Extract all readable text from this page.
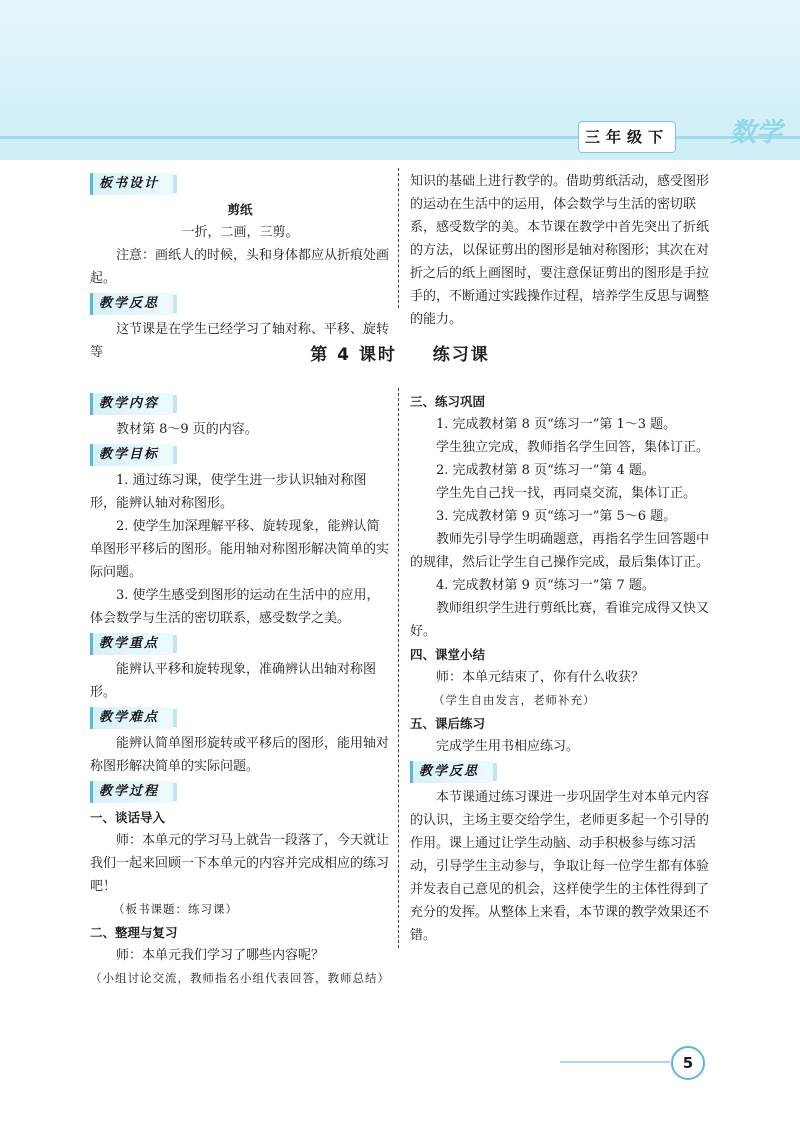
数学
三年级下
板书设计

剪纸

一折，二画，三剪。

注意：画纸人的时候，头和身体都应从折痕处画起。

教学反思

这节课是在学生已经学习了轴对称、平移、旋转等

知识的基础上进行教学的。借助剪纸活动，感受图形的运动在生活中的运用，体会数学与生活的密切联系，感受数学的美。本节课在教学中首先突出了折纸的方法，以保证剪出的图形是轴对称图形；其次在对折之后的纸上画图时，要注意保证剪出的图形是手拉手的，不断通过实践操作过程，培养学生反思与调整的能力。

第 4 课时 练习课
教学内容

教材第 8～9 页的内容。

教学目标

1. 通过练习课，使学生进一步认识轴对称图形，能辨认轴对称图形。

2. 使学生加深理解平移、旋转现象，能辨认简单图形平移后的图形。能用轴对称图形解决简单的实际问题。

3. 使学生感受到图形的运动在生活中的应用，体会数学与生活的密切联系，感受数学之美。

教学重点

能辨认平移和旋转现象，准确辨认出轴对称图形。

教学难点

能辨认简单图形旋转或平移后的图形，能用轴对称图形解决简单的实际问题。

教学过程

一、谈话导入

师：本单元的学习马上就告一段落了，今天就让我们一起来回顾一下本单元的内容并完成相应的练习吧！

（板书课题：练习课）

二、整理与复习

师：本单元我们学习了哪些内容呢？

（小组讨论交流，教师指名小组代表回答，教师总结）

三、练习巩固

1. 完成教材第 8 页“练习一”第 1～3 题。

学生独立完成，教师指名学生回答，集体订正。

2. 完成教材第 8 页“练习一”第 4 题。

学生先自己找一找，再同桌交流，集体订正。

3. 完成教材第 9 页“练习一”第 5～6 题。

教师先引导学生明确题意，再指名学生回答题中的规律，然后让学生自己操作完成，最后集体订正。

4. 完成教材第 9 页“练习一”第 7 题。

教师组织学生进行剪纸比赛，看谁完成得又快又好。

四、课堂小结

师：本单元结束了，你有什么收获？

（学生自由发言，老师补充）

五、课后练习

完成学生用书相应练习。

教学反思

本节课通过练习课进一步巩固学生对本单元内容的认识，主场主要交给学生，老师更多起一个引导的作用。课上通过让学生动脑、动手积极参与练习活动，引导学生主动参与，争取让每一位学生都有体验并发表自己意见的机会，这样使学生的主体性得到了充分的发挥。从整体上来看，本节课的教学效果还不错。

5
